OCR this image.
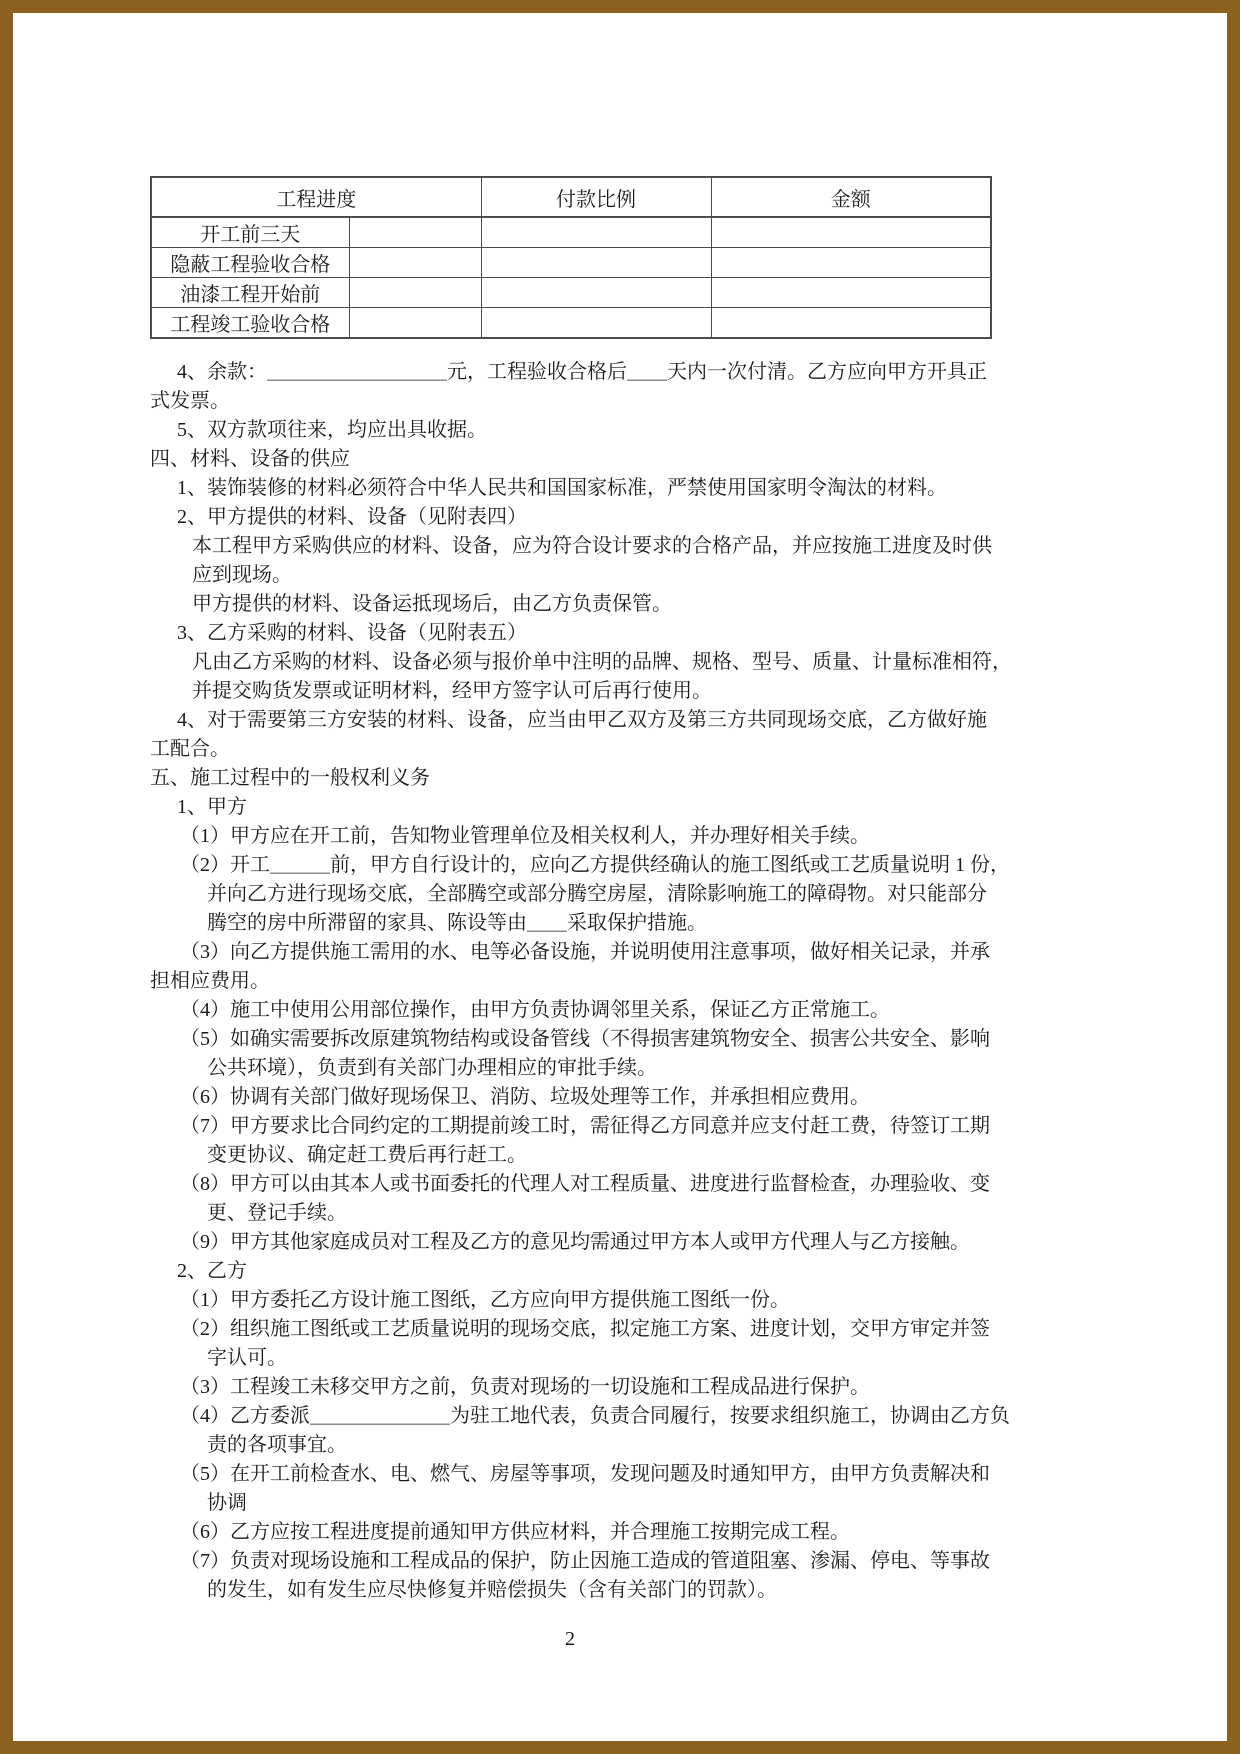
工程进度		付款比例	金额
开工前三天			
隐蔽工程验收合格			
油漆工程开始前			
工程竣工验收合格			
4、余款：＿＿＿＿＿＿＿＿＿元，工程验收合格后＿＿天内一次付清。乙方应向甲方开具正
式发票。
5、双方款项往来，均应出具收据。
四、材料、设备的供应
1、装饰装修的材料必须符合中华人民共和国国家标准，严禁使用国家明令淘汰的材料。
2、甲方提供的材料、设备（见附表四）
本工程甲方采购供应的材料、设备，应为符合设计要求的合格产品，并应按施工进度及时供
应到现场。
甲方提供的材料、设备运抵现场后，由乙方负责保管。
3、乙方采购的材料、设备（见附表五）
凡由乙方采购的材料、设备必须与报价单中注明的品牌、规格、型号、质量、计量标准相符，
并提交购货发票或证明材料，经甲方签字认可后再行使用。
4、对于需要第三方安装的材料、设备，应当由甲乙双方及第三方共同现场交底，乙方做好施
工配合。
五、施工过程中的一般权利义务
1、甲方
（1）甲方应在开工前，告知物业管理单位及相关权利人，并办理好相关手续。
（2）开工＿＿＿前，甲方自行设计的，应向乙方提供经确认的施工图纸或工艺质量说明 1 份，
并向乙方进行现场交底，全部腾空或部分腾空房屋，清除影响施工的障碍物。对只能部分
腾空的房中所滞留的家具、陈设等由＿＿采取保护措施。
（3）向乙方提供施工需用的水、电等必备设施，并说明使用注意事项，做好相关记录，并承
担相应费用。
（4）施工中使用公用部位操作，由甲方负责协调邻里关系，保证乙方正常施工。
（5）如确实需要拆改原建筑物结构或设备管线（不得损害建筑物安全、损害公共安全、影响
公共环境），负责到有关部门办理相应的审批手续。
（6）协调有关部门做好现场保卫、消防、垃圾处理等工作，并承担相应费用。
（7）甲方要求比合同约定的工期提前竣工时，需征得乙方同意并应支付赶工费，待签订工期
变更协议、确定赶工费后再行赶工。
（8）甲方可以由其本人或书面委托的代理人对工程质量、进度进行监督检查，办理验收、变
更、登记手续。
（9）甲方其他家庭成员对工程及乙方的意见均需通过甲方本人或甲方代理人与乙方接触。
2、乙方
（1）甲方委托乙方设计施工图纸，乙方应向甲方提供施工图纸一份。
（2）组织施工图纸或工艺质量说明的现场交底，拟定施工方案、进度计划，交甲方审定并签
字认可。
（3）工程竣工未移交甲方之前，负责对现场的一切设施和工程成品进行保护。
（4）乙方委派＿＿＿＿＿＿＿为驻工地代表，负责合同履行，按要求组织施工，协调由乙方负
责的各项事宜。
（5）在开工前检查水、电、燃气、房屋等事项，发现问题及时通知甲方，由甲方负责解决和
协调
（6）乙方应按工程进度提前通知甲方供应材料，并合理施工按期完成工程。
（7）负责对现场设施和工程成品的保护，防止因施工造成的管道阻塞、渗漏、停电、等事故
的发生，如有发生应尽快修复并赔偿损失（含有关部门的罚款）。
2
